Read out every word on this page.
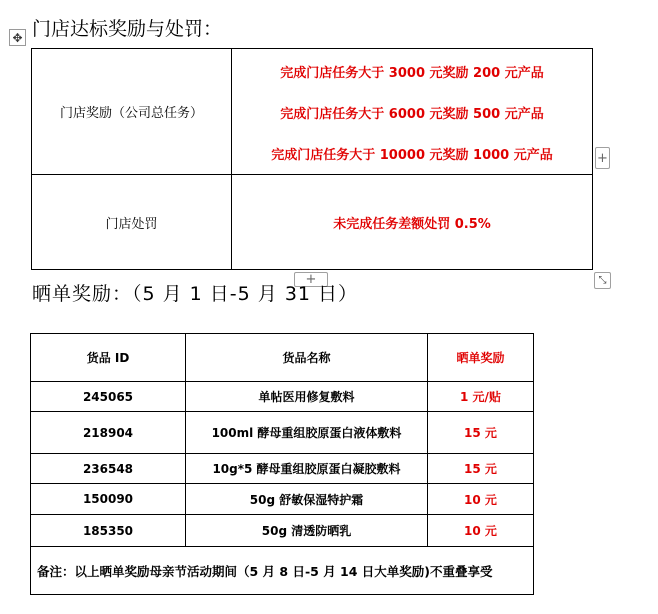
✥ 门店达标奖励与处罚：
门店奖励（公司总任务）	完成门店任务大于 3000 元奖励 200 元产品
完成门店任务大于 6000 元奖励 500 元产品
完成门店任务大于 10000 元奖励 1000 元产品

门店处罚	未完成任务差额处罚 0.5%
+
+	⤡
晒单奖励：（5 月 1 日-5 月 31 日）
货品 ID	货品名称	晒单奖励
245065	单帖医用修复敷料	1 元/贴
218904	100ml 酵母重组胶原蛋白液体敷料	15 元
236548	10g*5 酵母重组胶原蛋白凝胶敷料	15 元
150090	50g 舒敏保湿特护霜	10 元
185350	50g 清透防晒乳	10 元
备注：以上晒单奖励母亲节活动期间（5 月 8 日-5 月 14 日大单奖励)不重叠享受		
